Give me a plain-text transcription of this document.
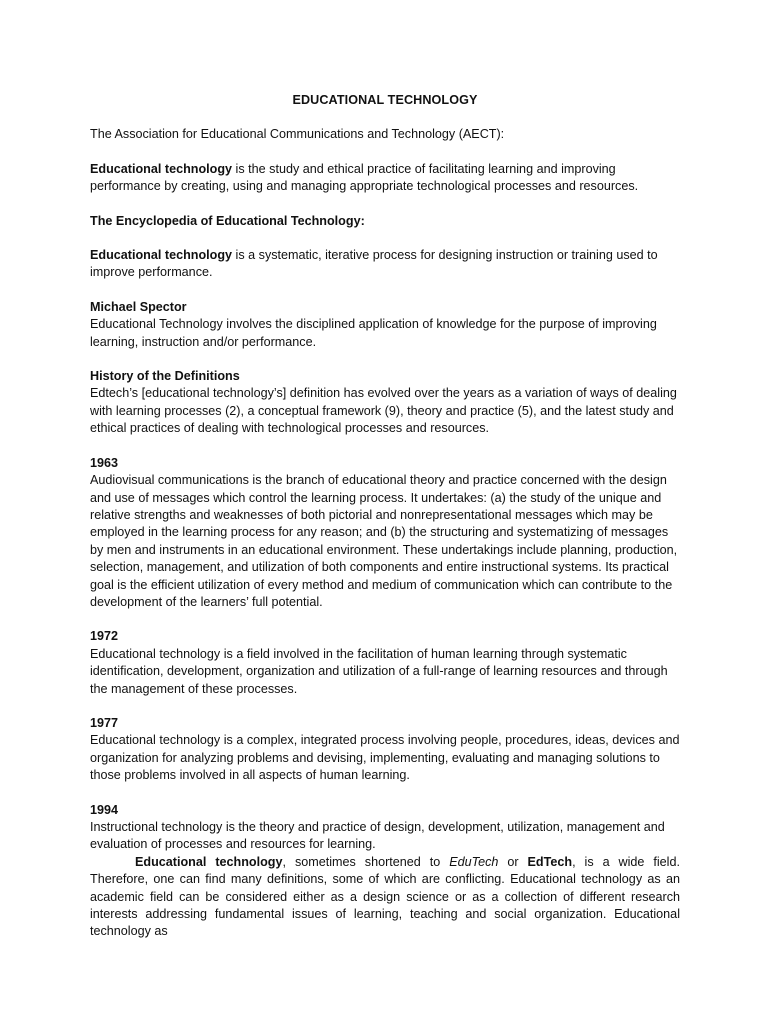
EDUCATIONAL TECHNOLOGY

The Association for Educational Communications and Technology (AECT):

Educational technology is the study and ethical practice of facilitating learning and improving performance by creating, using and managing appropriate technological processes and resources.

The Encyclopedia of Educational Technology:

Educational technology is a systematic, iterative process for designing instruction or training used to improve performance.

Michael Spector

Educational Technology involves the disciplined application of knowledge for the purpose of improving learning, instruction and/or performance.

History of the Definitions

Edtech’s [educational technology’s] definition has evolved over the years as a variation of ways of dealing with learning processes (2), a conceptual framework (9), theory and practice (5), and the latest study and ethical practices of dealing with technological processes and resources.

1963

Audiovisual communications is the branch of educational theory and practice concerned with the design and use of messages which control the learning process. It undertakes: (a) the study of the unique and relative strengths and weaknesses of both pictorial and nonrepresentational messages which may be employed in the learning process for any reason; and (b) the structuring and systematizing of messages by men and instruments in an educational environment. These undertakings include planning, production, selection, management, and utilization of both components and entire instructional systems. Its practical goal is the efficient utilization of every method and medium of communication which can contribute to the development of the learners’ full potential.

1972

Educational technology is a field involved in the facilitation of human learning through systematic identification, development, organization and utilization of a full-range of learning resources and through the management of these processes.

1977

Educational technology is a complex, integrated process involving people, procedures, ideas, devices and organization for analyzing problems and devising, implementing, evaluating and managing solutions to those problems involved in all aspects of human learning.

1994

Instructional technology is the theory and practice of design, development, utilization, management and evaluation of processes and resources for learning.

Educational technology, sometimes shortened to EduTech or EdTech, is a wide field. Therefore, one can find many definitions, some of which are conflicting. Educational technology as an academic field can be considered either as a design science or as a collection of different research interests addressing fundamental issues of learning, teaching and social organization. Educational technology as
